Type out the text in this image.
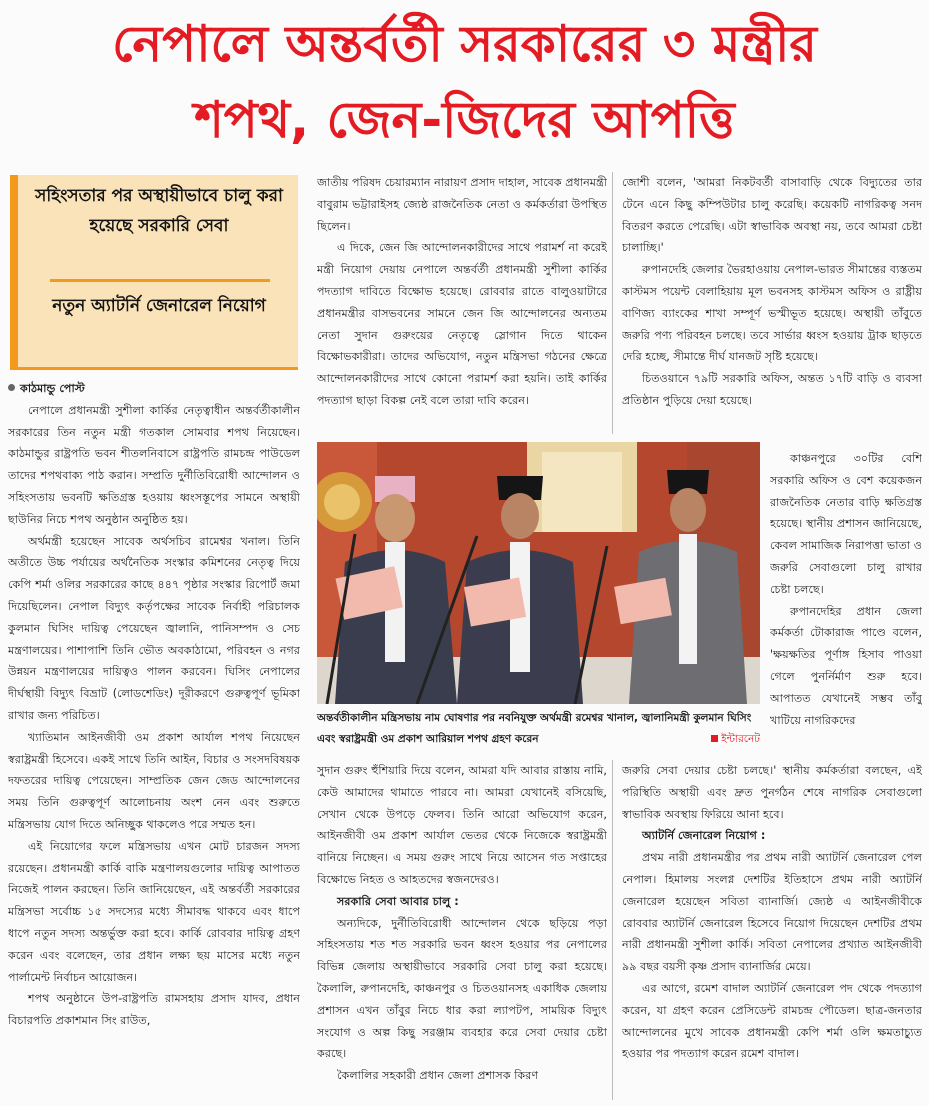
নেপালে অন্তর্বর্তী সরকারের ৩ মন্ত্রীর
শপথ, জেন-জিদের আপত্তি
সহিংসতার পর অস্থায়ীভাবে চালু করা হয়েছে সরকারি সেবা
নতুন অ্যাটর্নি জেনারেল নিয়োগ

কাঠমান্ডু পোস্ট

নেপালে প্রধানমন্ত্রী সুশীলা কার্কির নেতৃত্বাধীন অন্তর্বর্তীকালীন সরকারের তিন নতুন মন্ত্রী গতকাল সোমবার শপথ নিয়েছেন। কাঠমান্ডুর রাষ্ট্রপতি ভবন শীতলনিবাসে রাষ্ট্রপতি রামচন্দ্র পাউডেল তাদের শপথবাক্য পাঠ করান। সম্প্রতি দুর্নীতিবিরোধী আন্দোলন ও সহিংসতায় ভবনটি ক্ষতিগ্রস্ত হওয়ায় ধ্বংসস্তূপের সামনে অস্থায়ী ছাউনির নিচে শপথ অনুষ্ঠান অনুষ্ঠিত হয়।

অর্থমন্ত্রী হয়েছেন সাবেক অর্থসচিব রামেশ্বর খনাল। তিনি অতীতে উচ্চ পর্যায়ের অর্থনৈতিক সংস্কার কমিশনের নেতৃত্ব দিয়ে কেপি শর্মা ওলির সরকারের কাছে ৪৪৭ পৃষ্ঠার সংস্কার রিপোর্ট জমা দিয়েছিলেন। নেপাল বিদ্যুৎ কর্তৃপক্ষের সাবেক নির্বাহী পরিচালক কুলমান ঘিসিং দায়িত্ব পেয়েছেন জ্বালানি, পানিসম্পদ ও সেচ মন্ত্রণালয়ের। পাশাপাশি তিনি ভৌত অবকাঠামো, পরিবহন ও নগর উন্নয়ন মন্ত্রণালয়ের দায়িত্বও পালন করবেন। ঘিসিং নেপালের দীর্ঘস্থায়ী বিদ্যুৎ বিভ্রাট (লোডশেডিং) দূরীকরণে গুরুত্বপূর্ণ ভূমিকা রাখার জন্য পরিচিত।

খ্যাতিমান আইনজীবী ওম প্রকাশ আর্যাল শপথ নিয়েছেন স্বরাষ্ট্রমন্ত্রী হিসেবে। একই সাথে তিনি আইন, বিচার ও সংসদবিষয়ক দফতরের দায়িত্ব পেয়েছেন। সাম্প্রতিক জেন জেড আন্দোলনের সময় তিনি গুরুত্বপূর্ণ আলোচনায় অংশ নেন এবং শুরুতে মন্ত্রিসভায় যোগ দিতে অনিচ্ছুক থাকলেও পরে সম্মত হন।

এই নিয়োগের ফলে মন্ত্রিসভায় এখন মোট চারজন সদস্য রয়েছেন। প্রধানমন্ত্রী কার্কি বাকি মন্ত্রণালয়গুলোর দায়িত্ব আপাতত নিজেই পালন করছেন। তিনি জানিয়েছেন, এই অন্তর্বর্তী সরকারের মন্ত্রিসভা সর্বোচ্চ ১৫ সদস্যের মধ্যে সীমাবদ্ধ থাকবে এবং ধাপে ধাপে নতুন সদস্য অন্তর্ভুক্ত করা হবে। কার্কি রোববার দায়িত্ব গ্রহণ করেন এবং বলেছেন, তার প্রধান লক্ষ্য ছয় মাসের মধ্যে নতুন পার্লামেন্ট নির্বাচন আয়োজন।

শপথ অনুষ্ঠানে উপ-রাষ্ট্রপতি রামসহায় প্রসাদ যাদব, প্রধান বিচারপতি প্রকাশমান সিং রাউত,

জাতীয় পরিষদ চেয়ারম্যান নারায়ণ প্রসাদ দাহাল, সাবেক প্রধানমন্ত্রী বাবুরাম ভট্টারাইসহ জ্যেষ্ঠ রাজনৈতিক নেতা ও কর্মকর্তারা উপস্থিত ছিলেন।

এ দিকে, জেন জি আন্দোলনকারীদের সাথে পরামর্শ না করেই মন্ত্রী নিয়োগ দেয়ায় নেপালে অন্তর্বর্তী প্রধানমন্ত্রী সুশীলা কার্কির পদত্যাগ দাবিতে বিক্ষোভ হয়েছে। রোববার রাতে বালুওয়াটারে প্রধানমন্ত্রীর বাসভবনের সামনে জেন জি আন্দোলনের অন্যতম নেতা সুদান গুরুংয়ের নেতৃত্বে স্লোগান দিতে থাকেন বিক্ষোভকারীরা। তাদের অভিযোগ, নতুন মন্ত্রিসভা গঠনের ক্ষেত্রে আন্দোলনকারীদের সাথে কোনো পরামর্শ করা হয়নি। তাই কার্কির পদত্যাগ ছাড়া বিকল্প নেই বলে তারা দাবি করেন।

জোশী বলেন, 'আমরা নিকটবর্তী বাসাবাড়ি থেকে বিদ্যুতের তার টেনে এনে কিছু কম্পিউটার চালু করেছি। কয়েকটি নাগরিকত্ব সনদ বিতরণ করতে পেরেছি। এটা স্বাভাবিক অবস্থা নয়, তবে আমরা চেষ্টা চালাচ্ছি।'

রুপানদেহি জেলার ভৈরহাওয়ায় নেপাল-ভারত সীমান্তের ব্যস্ততম কাস্টমস পয়েন্ট বেলাহিয়ায় মূল ভবনসহ কাস্টমস অফিস ও রাষ্ট্রীয় বাণিজ্য ব্যাংকের শাখা সম্পূর্ণ ভস্মীভূত হয়েছে। অস্থায়ী তাঁবুতে জরুরি পণ্য পরিবহন চলছে। তবে সার্ভার ধ্বংস হওয়ায় ট্রাক ছাড়তে দেরি হচ্ছে, সীমান্তে দীর্ঘ যানজট সৃষ্টি হয়েছে।

চিতওয়ানে ৭৯টি সরকারি অফিস, অন্তত ১৭টি বাড়ি ও ব্যবসা প্রতিষ্ঠান পুড়িয়ে দেয়া হয়েছে।

অন্তর্বতীকালীন মন্ত্রিসভায় নাম ঘোষণার পর নবনিযুক্ত অর্থমন্ত্রী রমেশ্বর খানাল, জ্বালানিমন্ত্রী কুলমান ঘিসিং এবং স্বরাষ্ট্রমন্ত্রী ওম প্রকাশ আরিয়াল শপথ গ্রহণ করেন	ইন্টারনেট

কাঞ্চনপুরে ৩০টির বেশি সরকারি অফিস ও বেশ কয়েকজন রাজনৈতিক নেতার বাড়ি ক্ষতিগ্রস্ত হয়েছে। স্থানীয় প্রশাসন জানিয়েছে, কেবল সামাজিক নিরাপত্তা ভাতা ও জরুরি সেবাগুলো চালু রাখার চেষ্টা চলছে।

রুপানদেহির প্রধান জেলা কর্মকর্তা টোকারাজ পাণ্ডে বলেন, 'ক্ষয়ক্ষতির পূর্ণাঙ্গ হিসাব পাওয়া গেলে পুনর্নির্মাণ শুরু হবে। আপাতত যেখানেই সম্ভব তাঁবু খাটিয়ে নাগরিকদের

সুদান গুরুং হুঁশিয়ারি দিয়ে বলেন, আমরা যদি আবার রাস্তায় নামি, কেউ আমাদের থামাতে পারবে না। আমরা যেখানেই বসিয়েছি, সেখান থেকে উপড়ে ফেলব। তিনি আরো অভিযোগ করেন, আইনজীবী ওম প্রকাশ আর্যাল ভেতর থেকে নিজেকে স্বরাষ্ট্রমন্ত্রী বানিয়ে নিচ্ছেন। এ সময় গুরুং সাথে নিয়ে আসেন গত সপ্তাহের বিক্ষোভে নিহত ও আহতদের স্বজনদেরও।

সরকারি সেবা আবার চালু :

অন্যদিকে, দুর্নীতিবিরোধী আন্দোলন থেকে ছড়িয়ে পড়া সহিংসতায় শত শত সরকারি ভবন ধ্বংস হওয়ার পর নেপালের বিভিন্ন জেলায় অস্থায়ীভাবে সরকারি সেবা চালু করা হয়েছে। কৈলালি, রুপানদেহি, কাঞ্চনপুর ও চিতওয়ানসহ একাধিক জেলায় প্রশাসন এখন তাঁবুর নিচে ধার করা ল্যাপটপ, সাময়িক বিদ্যুৎ সংযোগ ও অল্প কিছু সরঞ্জাম ব্যবহার করে সেবা দেয়ার চেষ্টা করছে।

কৈলালির সহকারী প্রধান জেলা প্রশাসক কিরণ

জরুরি সেবা দেয়ার চেষ্টা চলছে।' স্থানীয় কর্মকর্তারা বলছেন, এই পরিস্থিতি অস্থায়ী এবং দ্রুত পুনর্গঠন শেষে নাগরিক সেবাগুলো স্বাভাবিক অবস্থায় ফিরিয়ে আনা হবে।

অ্যাটর্নি জেনারেল নিয়োগ :

প্রথম নারী প্রধানমন্ত্রীর পর প্রথম নারী অ্যাটর্নি জেনারেল পেল নেপাল। হিমালয় সংলগ্ন দেশটির ইতিহাসে প্রথম নারী অ্যাটর্নি জেনারেল হয়েছেন সবিতা ব্যানার্জি। জ্যেষ্ঠ এ আইনজীবীকে রোববার অ্যাটর্নি জেনারেল হিসেবে নিয়োগ দিয়েছেন দেশটির প্রথম নারী প্রধানমন্ত্রী সুশীলা কার্কি। সবিতা নেপালের প্রখ্যাত আইনজীবী ৯৯ বছর বয়সী কৃষ্ণ প্রসাদ ব্যানার্জির মেয়ে।

এর আগে, রমেশ বাদাল অ্যাটর্নি জেনারেল পদ থেকে পদত্যাগ করেন, যা গ্রহণ করেন প্রেসিডেন্ট রামচন্দ্র পৌডেল। ছাত্র-জনতার আন্দোলনের মুখে সাবেক প্রধানমন্ত্রী কেপি শর্মা ওলি ক্ষমতাচ্যুত হওয়ার পর পদত্যাগ করেন রমেশ বাদাল।
